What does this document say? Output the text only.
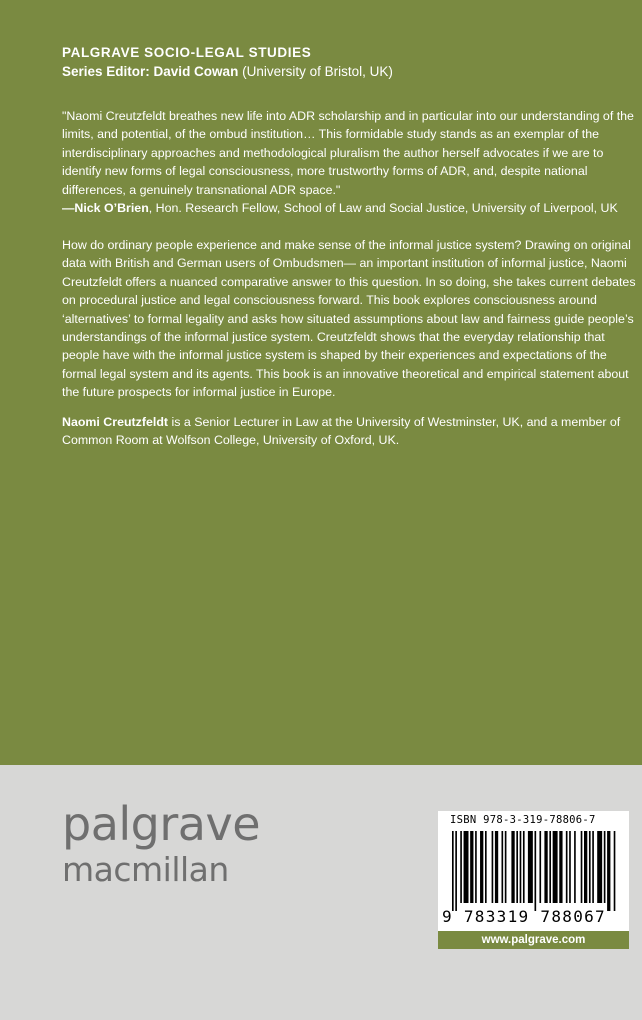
PALGRAVE SOCIO-LEGAL STUDIES
Series Editor: David Cowan (University of Bristol, UK)

"Naomi Creutzfeldt breathes new life into ADR scholarship and in particular into our understanding of the limits, and potential, of the ombud institution… This formidable study stands as an exemplar of the interdisciplinary approaches and methodological pluralism the author herself advocates if we are to identify new forms of legal consciousness, more trustworthy forms of ADR, and, despite national differences, a genuinely transnational ADR space."
—Nick O’Brien, Hon. Research Fellow, School of Law and Social Justice, University of Liverpool, UK

How do ordinary people experience and make sense of the informal justice system? Drawing on original data with British and German users of Ombudsmen— an important institution of informal justice, Naomi Creutzfeldt offers a nuanced comparative answer to this question. In so doing, she takes current debates on procedural justice and legal consciousness forward. This book explores consciousness around ‘alternatives’ to formal legality and asks how situated assumptions about law and fairness guide people’s understandings of the informal justice system. Creutzfeldt shows that the everyday relationship that people have with the informal justice system is shaped by their experiences and expectations of the formal legal system and its agents. This book is an innovative theoretical and empirical statement about the future prospects for informal justice in Europe.

Naomi Creutzfeldt is a Senior Lecturer in Law at the University of Westminster, UK, and a member of Common Room at Wolfson College, University of Oxford, UK.

palgrave
macmillan
ISBN 978-3-319-78806-7
9 783319 788067
www.palgrave.com
